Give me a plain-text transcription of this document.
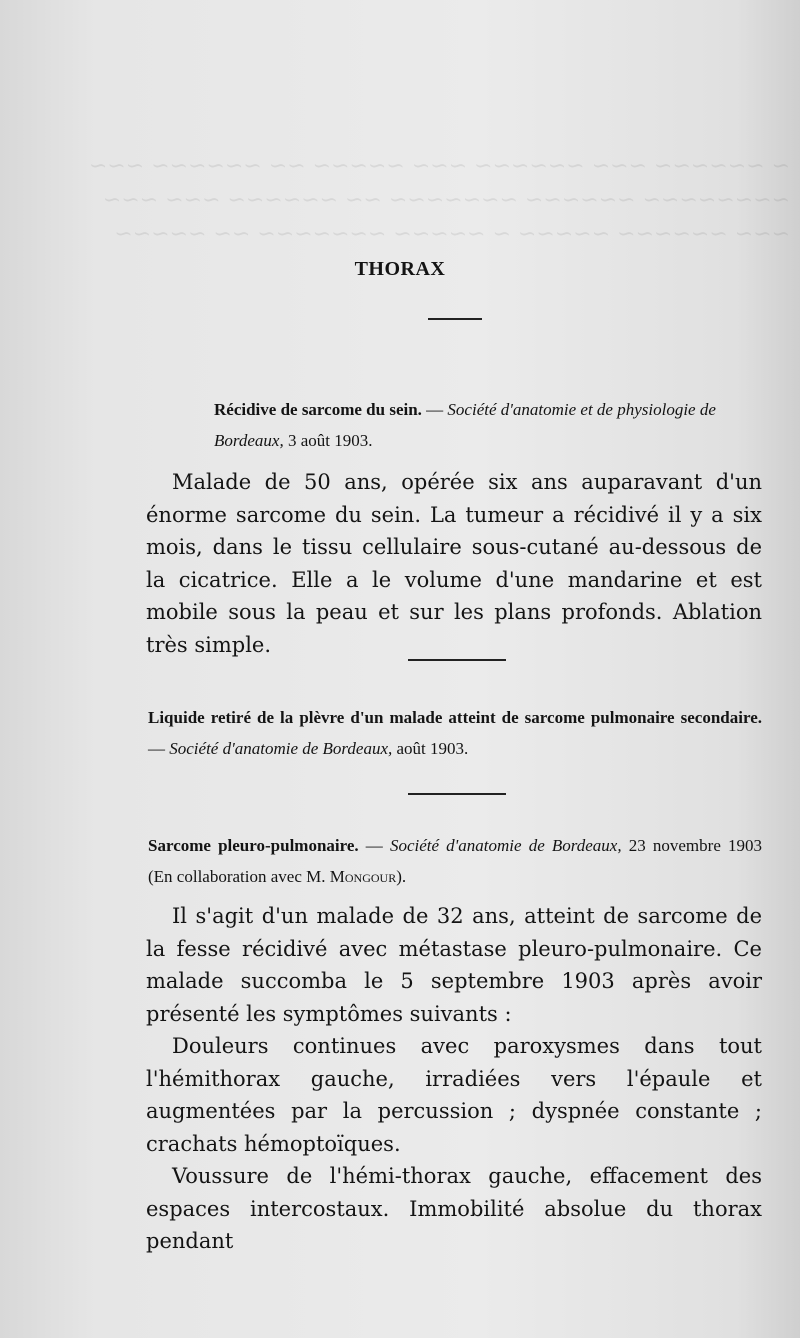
~ ~~~~~~ ~~~ ~~~~~~ ~~~ ~~~~~ ~~ ~~~~~~ ~~~
~~~~~~~~ ~~~~~~ ~~~~~~~ ~~ ~~~~~~ ~~~ ~~~
~~~ ~~~~~~ ~~~~~ ~ ~~~~~ ~~~~~~~ ~~ ~~~~~
THORAX
Récidive de sarcome du sein. — Société d'anatomie et de physiologie de Bordeaux, 3 août 1903.

Malade de 50 ans, opérée six ans auparavant d'un énorme sarcome du sein. La tumeur a récidivé il y a six mois, dans le tissu cellulaire sous-cutané au-dessous de la cicatrice. Elle a le volume d'une mandarine et est mobile sous la peau et sur les plans profonds. Ablation très simple.

Liquide retiré de la plèvre d'un malade atteint de sarcome pulmonaire secondaire. — Société d'anatomie de Bordeaux, août 1903.
Sarcome pleuro-pulmonaire. — Société d'anatomie de Bordeaux, 23 novembre 1903 (En collaboration avec M. Mongour).

Il s'agit d'un malade de 32 ans, atteint de sarcome de la fesse récidivé avec métastase pleuro-pulmonaire. Ce malade succomba le 5 septembre 1903 après avoir présenté les symptômes suivants :

Douleurs continues avec paroxysmes dans tout l'hémithorax gauche, irradiées vers l'épaule et augmentées par la percussion ; dyspnée constante ; crachats hémoptoïques.

Voussure de l'hémi-thorax gauche, effacement des espaces intercostaux. Immobilité absolue du thorax pendant
